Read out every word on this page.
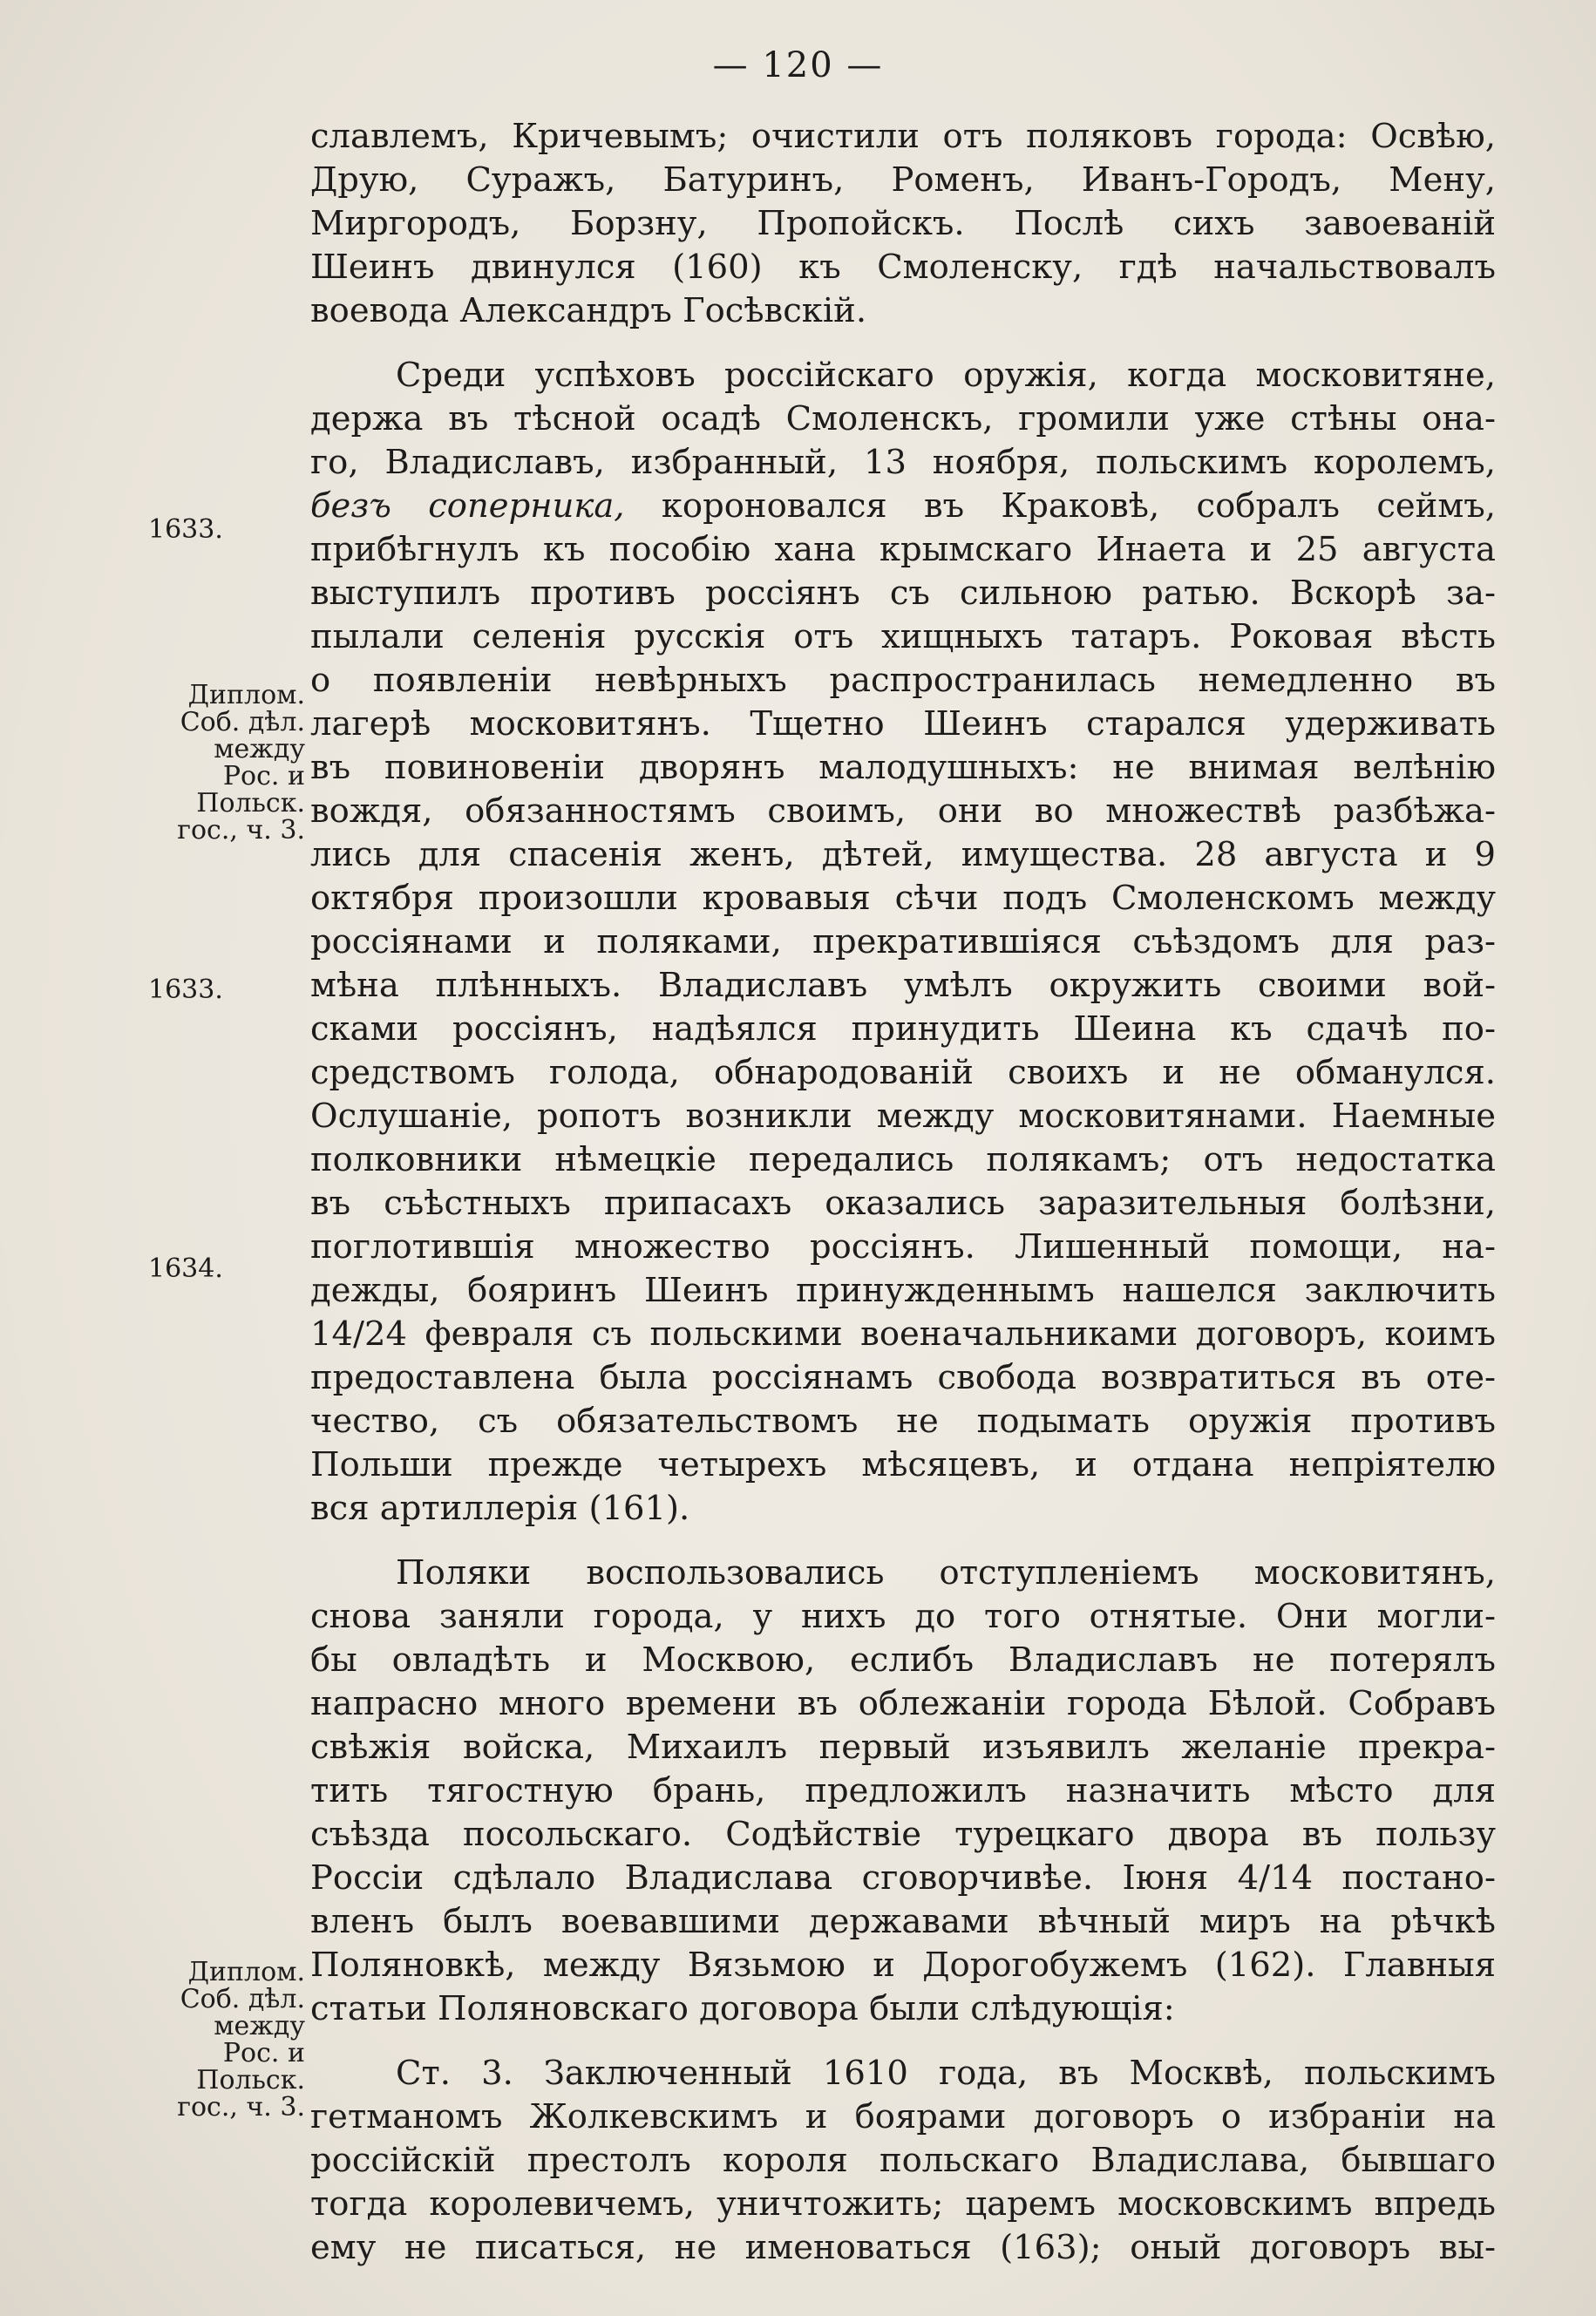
— 120 —
славлемъ, Кричевымъ; очистили отъ поляковъ города: Освѣю,
Друю, Суражъ, Батуринъ, Роменъ, Иванъ-Городъ, Мену,
Миргородъ, Борзну, Пропойскъ. Послѣ сихъ завоеваній
Шеинъ двинулся (160) къ Смоленску, гдѣ начальствовалъ
воевода Александръ Госѣвскій.
Среди успѣховъ россійскаго оружія, когда московитяне,
держа въ тѣсной осадѣ Смоленскъ, громили уже стѣны она-
го, Владиславъ, избранный, 13 ноября, польскимъ королемъ,
безъ соперника, короновался въ Краковѣ, собралъ сеймъ,
прибѣгнулъ къ пособію хана крымскаго Инаета и 25 августа
выступилъ противъ россіянъ съ сильною ратью. Вскорѣ за-
пылали селенія русскія отъ хищныхъ татаръ. Роковая вѣсть
о появленіи невѣрныхъ распространилась немедленно въ
лагерѣ московитянъ. Тщетно Шеинъ старался удерживать
въ повиновеніи дворянъ малодушныхъ: не внимая велѣнію
вождя, обязанностямъ своимъ, они во множествѣ разбѣжа-
лись для спасенія женъ, дѣтей, имущества. 28 августа и 9
октября произошли кровавыя сѣчи подъ Смоленскомъ между
россіянами и поляками, прекратившіяся съѣздомъ для раз-
мѣна плѣнныхъ. Владиславъ умѣлъ окружить своими вой-
сками россіянъ, надѣялся принудить Шеина къ сдачѣ по-
средствомъ голода, обнародованій своихъ и не обманулся.
Ослушаніе, ропотъ возникли между московитянами. Наемные
полковники нѣмецкіе передались полякамъ; отъ недостатка
въ съѣстныхъ припасахъ оказались заразительныя болѣзни,
поглотившія множество россіянъ. Лишенный помощи, на-
дежды, бояринъ Шеинъ принужденнымъ нашелся заключить
14/24 февраля съ польскими военачальниками договоръ, коимъ
предоставлена была россіянамъ свобода возвратиться въ оте-
чество, съ обязательствомъ не подымать оружія противъ
Польши прежде четырехъ мѣсяцевъ, и отдана непріятелю
вся артиллерія (161).
Поляки воспользовались отступленіемъ московитянъ,
снова заняли города, у нихъ до того отнятые. Они могли-
бы овладѣть и Москвою, еслибъ Владиславъ не потерялъ
напрасно много времени въ облежаніи города Бѣлой. Собравъ
свѣжія войска, Михаилъ первый изъявилъ желаніе прекра-
тить тягостную брань, предложилъ назначить мѣсто для
съѣзда посольскаго. Содѣйствіе турецкаго двора въ пользу
Россіи сдѣлало Владислава сговорчивѣе. Іюня 4/14 постано-
вленъ былъ воевавшими державами вѣчный миръ на рѣчкѣ
Поляновкѣ, между Вязьмою и Дорогобужемъ (162). Главныя
статьи Поляновскаго договора были слѣдующія:
Ст. 3. Заключенный 1610 года, въ Москвѣ, польскимъ
гетманомъ Жолкевскимъ и боярами договоръ о избраніи на
россійскій престолъ короля польскаго Владислава, бывшаго
тогда королевичемъ, уничтожить; царемъ московскимъ впредь
ему не писаться, не именоваться (163); оный договоръ вы-
1633.
Диплом.
Соб. дѣл.
между
Рос. и
Польск.
гос., ч. 3.
1633.
1634.
Диплом.
Соб. дѣл.
между
Рос. и
Польск.
гос., ч. 3.
